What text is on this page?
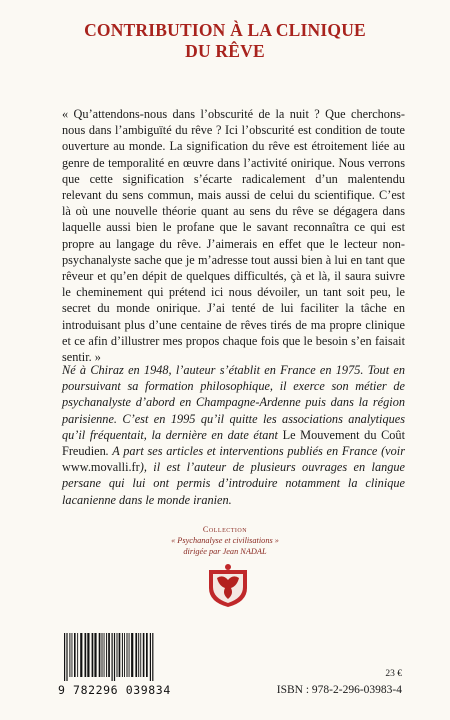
CONTRIBUTION À LA CLINIQUE
DU RÊVE

« Qu’attendons-nous dans l’obscurité de la nuit ? Que cherchons-nous dans l’ambiguïté du rêve ? Ici l’obscurité est condition de toute ouverture au monde. La signification du rêve est étroitement liée au genre de temporalité en œuvre dans l’activité onirique. Nous verrons que cette signification s’écarte radicalement d’un malentendu relevant du sens commun, mais aussi de celui du scientifique. C’est là où une nouvelle théorie quant au sens du rêve se dégagera dans laquelle aussi bien le profane que le savant reconnaîtra ce qui est propre au langage du rêve. J’aimerais en effet que le lecteur non-psychanalyste sache que je m’adresse tout aussi bien à lui en tant que rêveur et qu’en dépit de quelques difficultés, çà et là, il saura suivre le cheminement qui prétend ici nous dévoiler, un tant soit peu, le secret du monde onirique. J’ai tenté de lui faciliter la tâche en introduisant plus d’une centaine de rêves tirés de ma propre clinique et ce afin d’illustrer mes propos chaque fois que le besoin s’en faisait sentir. »

Né à Chiraz en 1948, l’auteur s’établit en France en 1975. Tout en poursuivant sa formation philosophique, il exerce son métier de psychanalyste d’abord en Champagne-Ardenne puis dans la région parisienne. C’est en 1995 qu’il quitte les associations analytiques qu’il fréquentait, la dernière en date étant Le Mouvement du Coût Freudien. A part ses articles et interventions publiés en France (voir www.movalli.fr), il est l’auteur de plusieurs ouvrages en langue persane qui lui ont permis d’introduire notamment la clinique lacanienne dans le monde iranien.

Collection
« Psychanalyse et civilisations »
dirigée par Jean NADAL
9 782296 039834
23 €
ISBN : 978-2-296-03983-4
